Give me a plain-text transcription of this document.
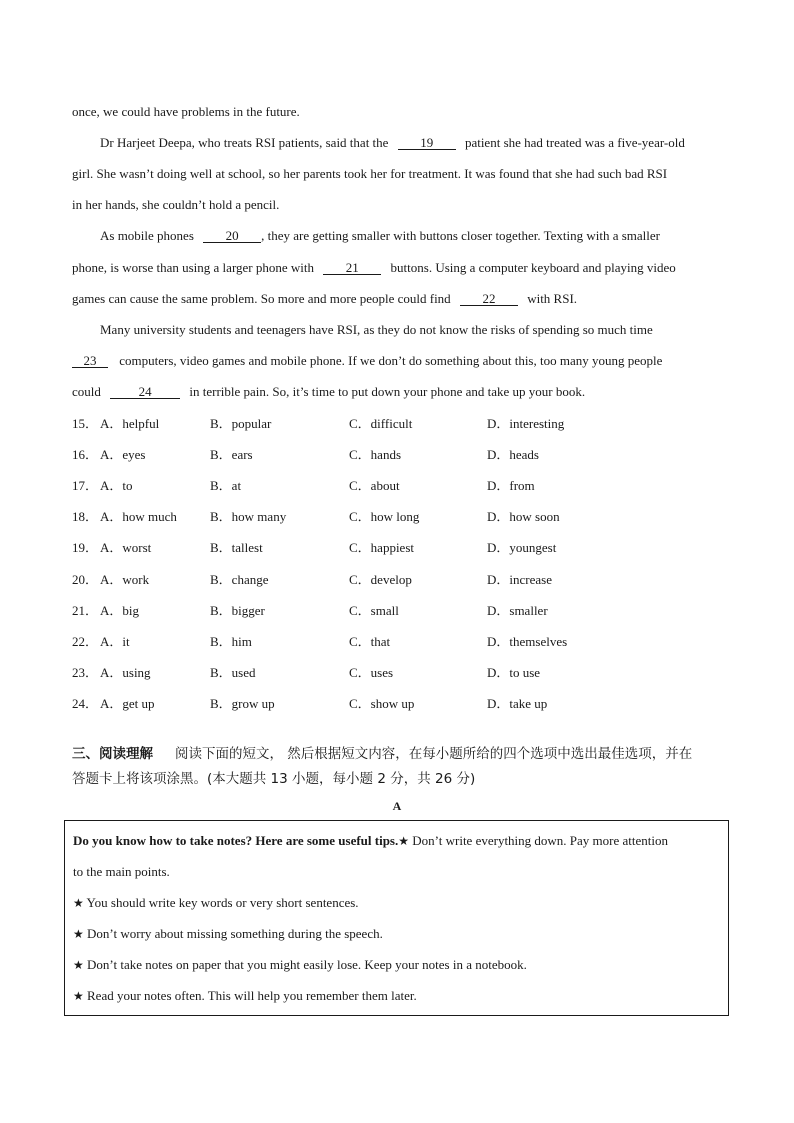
once, we could have problems in the future.
Dr Harjeet Deepa, who treats RSI patients, said that the 19 patient she had treated was a five-year-old
girl. She wasn’t doing well at school, so her parents took her for treatment. It was found that she had such bad RSI
in her hands, she couldn’t hold a pencil.
As mobile phones 20 , they are getting smaller with buttons closer together. Texting with a smaller
phone, is worse than using a larger phone with 21 buttons. Using a computer keyboard and playing video
games can cause the same problem. So more and more people could find 22 with RSI.
Many university students and teenagers have RSI, as they do not know the risks of spending so much time
23 computers, video games and mobile phone. If we don’t do something about this, too many young people
could	24	in terrible pain. So, it’s time to put down your phone and take up your book.
15． A．helpful	B．popular	C．difficult	D．interesting
16． A．eyes	B．ears	C．hands	D．heads
17． A．to	B．at	C．about	D．from
18． A．how much	B．how many	C．how long	D．how soon
19． A．worst	B．tallest	C．happiest	D．youngest
20． A．work	B．change	C．develop	D．increase
21． A．big	B．bigger	C．small	D．smaller
22． A．it	B．him	C．that	D．themselves
23． A．using	B．used	C．uses	D．to use
24． A．get up	B．grow up	C．show up	D．take up
三、阅读理解 阅读下面的短文， 然后根据短文内容，在每小题所给的四个选项中选出最佳选项，并在
答题卡上将该项涂黑。(本大题共 13 小题，每小题 2 分，共 26 分)
A
Do you know how to take notes? Here are some useful tips.★ Don’t write everything down. Pay more attention
to the main points.
★ You should write key words or very short sentences.
★ Don’t worry about missing something during the speech.
★ Don’t take notes on paper that you might easily lose. Keep your notes in a notebook.
★ Read your notes often. This will help you remember them later.
